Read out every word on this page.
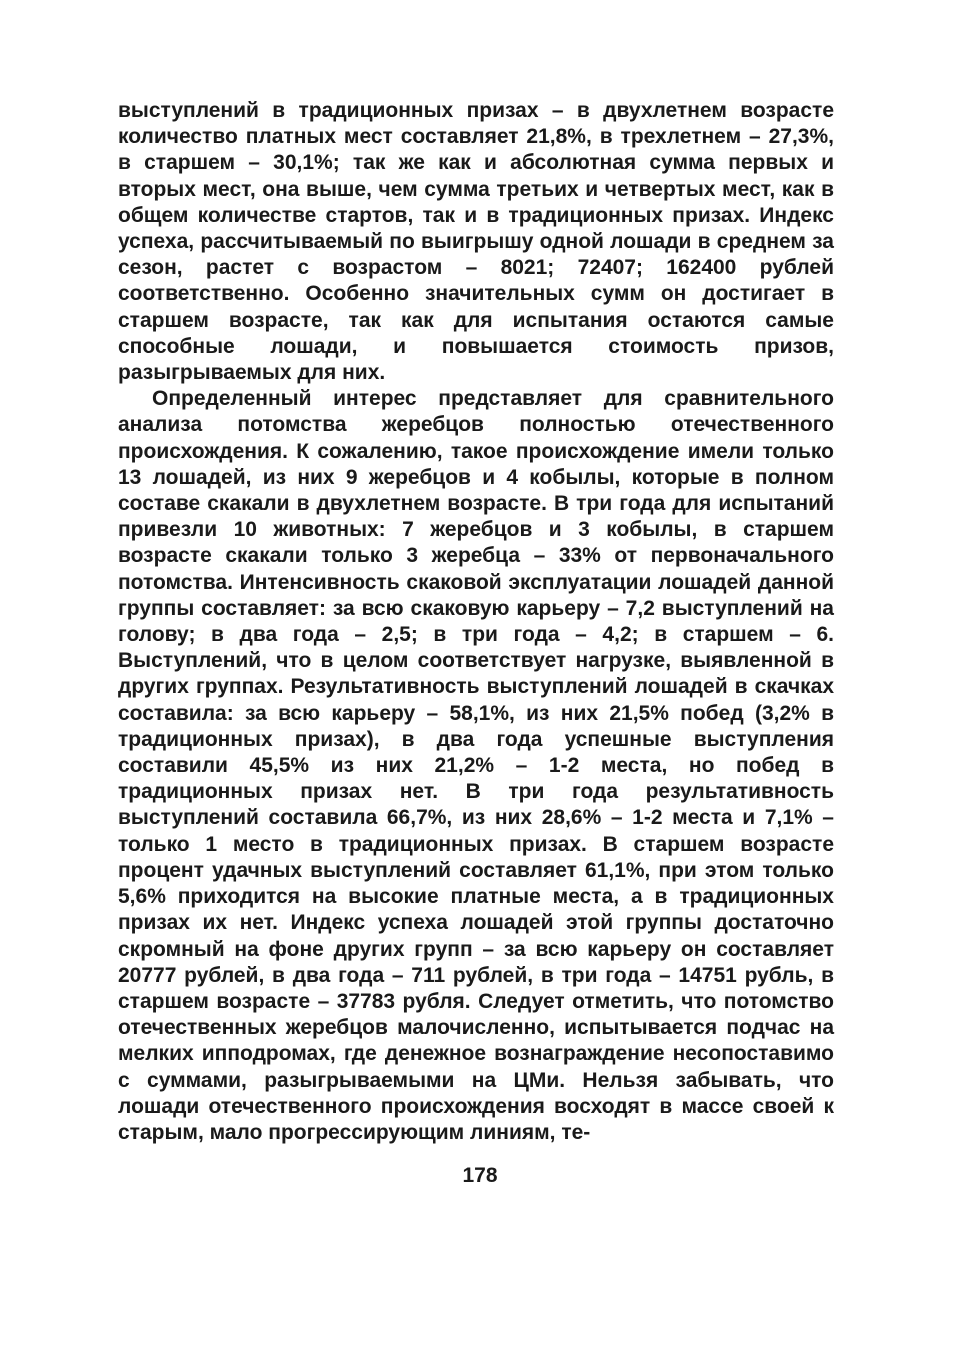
выступлений в традиционных призах – в двухлетнем возрасте количество платных мест составляет 21,8%, в трехлетнем – 27,3%, в старшем – 30,1%; так же как и абсолютная сумма первых и вторых мест, она выше, чем сумма третьих и четвертых мест, как в общем количестве стартов, так и в традиционных призах. Индекс успеха, рассчитываемый по выигрышу одной лошади в среднем за сезон, растет с возрастом – 8021; 72407; 162400 рублей соответственно. Особенно значительных сумм он достигает в старшем возрасте, так как для испытания остаются самые способные лошади, и повышается стоимость призов, разыгрываемых для них.

Определенный интерес представляет для сравнительного анализа потомства жеребцов полностью отечественного происхождения. К сожалению, такое происхождение имели только 13 лошадей, из них 9 жеребцов и 4 кобылы, которые в полном составе скакали в двухлетнем возрасте. В три года для испытаний привезли 10 животных: 7 жеребцов и 3 кобылы, в старшем возрасте скакали только 3 жеребца – 33% от первоначального потомства. Интенсивность скаковой эксплуатации лошадей данной группы составляет: за всю скаковую карьеру – 7,2 выступлений на голову; в два года – 2,5; в три года – 4,2; в старшем – 6. Выступлений, что в целом соответствует нагрузке, выявленной в других группах. Результативность выступлений лошадей в скачках составила: за всю карьеру – 58,1%, из них 21,5% побед (3,2% в традиционных призах), в два года успешные выступления составили 45,5% из них 21,2% – 1-2 места, но побед в традиционных призах нет. В три года результативность выступлений составила 66,7%, из них 28,6% – 1-2 места и 7,1% – только 1 место в традиционных призах. В старшем возрасте процент удачных выступлений составляет 61,1%, при этом только 5,6% приходится на высокие платные места, а в традиционных призах их нет. Индекс успеха лошадей этой группы достаточно скромный на фоне других групп – за всю карьеру он составляет 20777 рублей, в два года – 711 рублей, в три года – 14751 рубль, в старшем возрасте – 37783 рубля. Следует отметить, что потомство отечественных жеребцов малочисленно, испытывается подчас на мелких ипподромах, где денежное вознаграждение несопоставимо с суммами, разыгрываемыми на ЦМи. Нельзя забывать, что лошади отечественного происхождения восходят в массе своей к старым, мало прогрессирующим линиям, те-

178
